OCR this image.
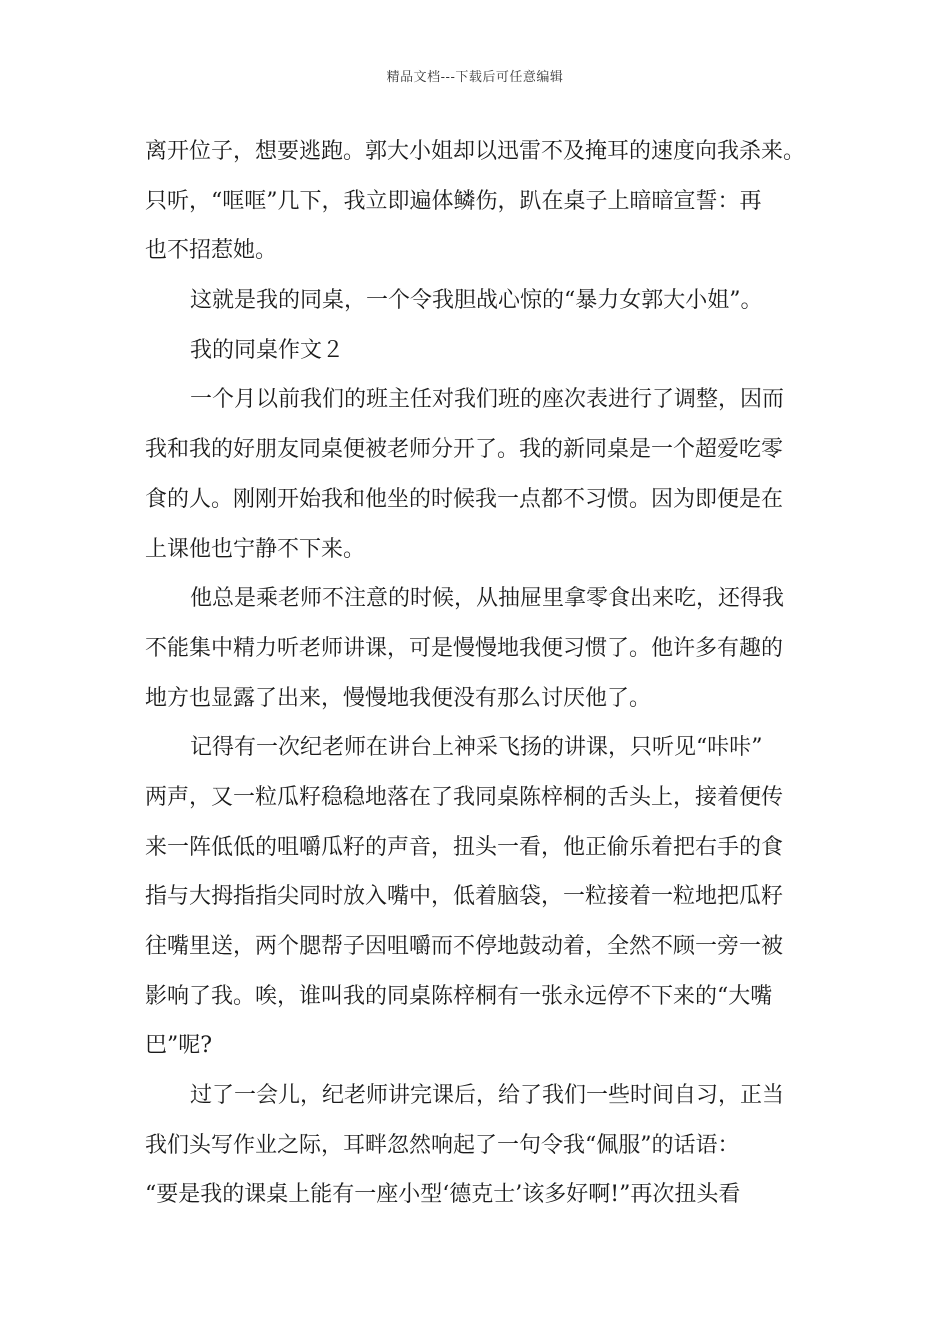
精品文档---下载后可任意编辑
离开位子，想要逃跑。郭大小姐却以迅雷不及掩耳的速度向我杀来。
只听，“哐哐”几下，我立即遍体鳞伤，趴在桌子上暗暗宣誓：再
也不招惹她。
这就是我的同桌，一个令我胆战心惊的“暴力女郭大小姐”。
我的同桌作文２
一个月以前我们的班主任对我们班的座次表进行了调整，因而
我和我的好朋友同桌便被老师分开了。我的新同桌是一个超爱吃零
食的人。刚刚开始我和他坐的时候我一点都不习惯。因为即便是在
上课他也宁静不下来。
他总是乘老师不注意的时候，从抽屉里拿零食出来吃，还得我
不能集中精力听老师讲课，可是慢慢地我便习惯了。他许多有趣的
地方也显露了出来，慢慢地我便没有那么讨厌他了。
记得有一次纪老师在讲台上神采飞扬的讲课，只听见“咔咔”
两声，又一粒瓜籽稳稳地落在了我同桌陈梓桐的舌头上，接着便传
来一阵低低的咀嚼瓜籽的声音，扭头一看，他正偷乐着把右手的食
指与大拇指指尖同时放入嘴中，低着脑袋，一粒接着一粒地把瓜籽
往嘴里送，两个腮帮子因咀嚼而不停地鼓动着，全然不顾一旁一被
影响了我。唉，谁叫我的同桌陈梓桐有一张永远停不下来的“大嘴
巴”呢?
过了一会儿，纪老师讲完课后，给了我们一些时间自习，正当
我们头写作业之际，耳畔忽然响起了一句令我“佩服”的话语：
“要是我的课桌上能有一座小型‘德克士’该多好啊!”再次扭头看
